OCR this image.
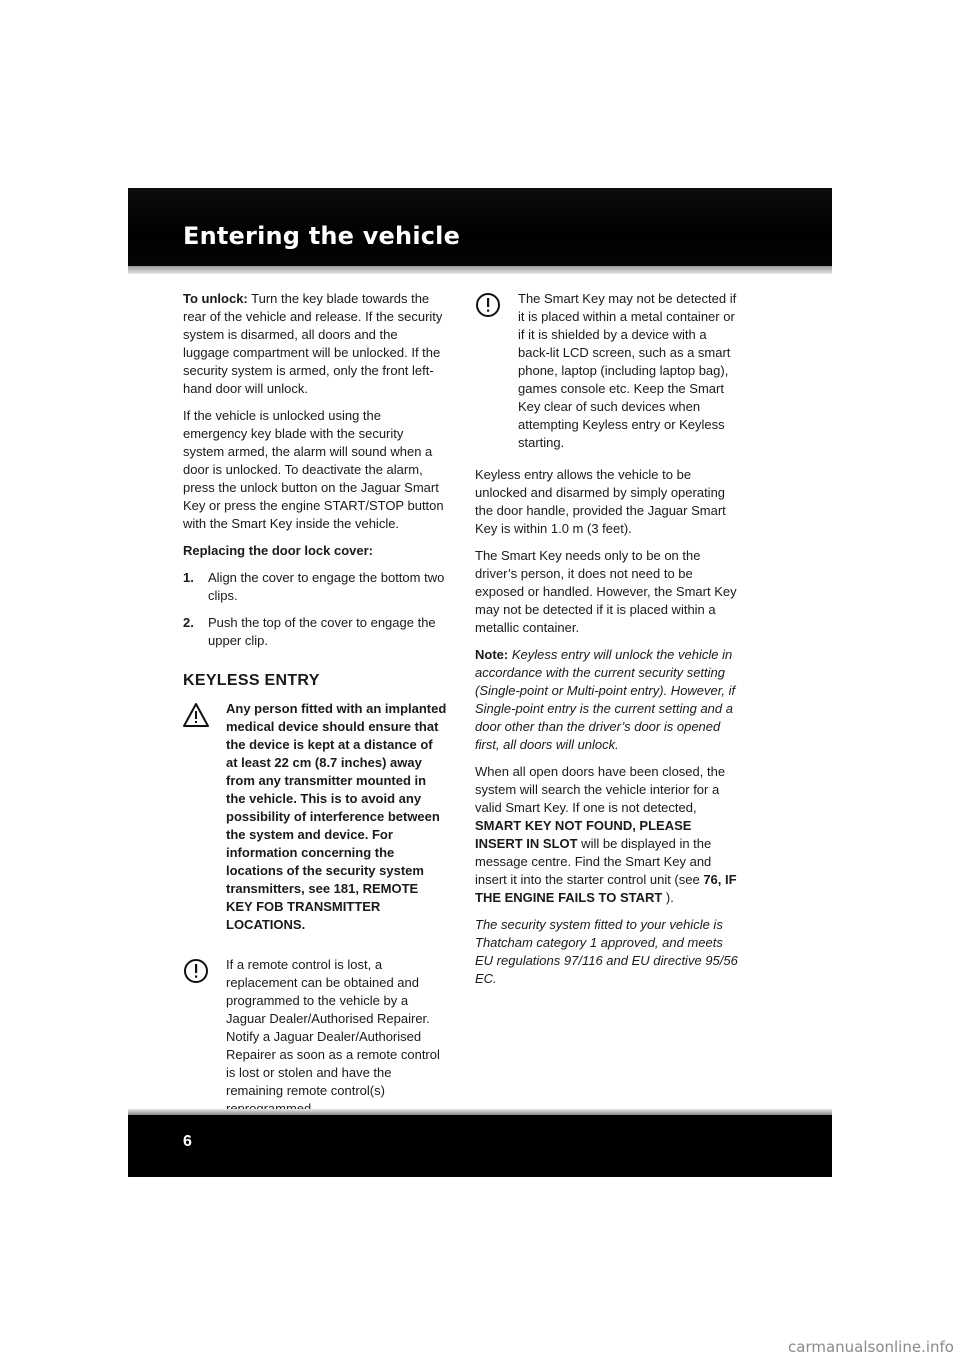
Entering the vehicle

To unlock: Turn the key blade towards the rear of the vehicle and release. If the security system is disarmed, all doors and the luggage compartment will be unlocked. If the security system is armed, only the front left-hand door will unlock.

If the vehicle is unlocked using the emergency key blade with the security system armed, the alarm will sound when a door is unlocked. To deactivate the alarm, press the unlock button on the Jaguar Smart Key or press the engine START/STOP button with the Smart Key inside the vehicle.

Replacing the door lock cover:

1. Align the cover to engage the bottom two clips.
2. Push the top of the cover to engage the upper clip.
KEYLESS ENTRY

Any person fitted with an implanted medical device should ensure that the device is kept at a distance of at least 22 cm (8.7 inches) away from any transmitter mounted in the vehicle. This is to avoid any possibility of interference between the system and device. For information concerning the locations of the security system transmitters, see 181, REMOTE KEY FOB TRANSMITTER LOCATIONS.

If a remote control is lost, a replacement can be obtained and programmed to the vehicle by a Jaguar Dealer/Authorised Repairer. Notify a Jaguar Dealer/Authorised Repairer as soon as a remote control is lost or stolen and have the remaining remote control(s)

The Smart Key may not be detected if it is placed within a metal container or if it is shielded by a device with a back-lit LCD screen, such as a smart phone, laptop (including laptop bag), games console etc. Keep the Smart Key clear of such devices when attempting Keyless entry or Keyless starting.

Keyless entry allows the vehicle to be unlocked and disarmed by simply operating the door handle, provided the Jaguar Smart Key is within 1.0 m (3 feet).

The Smart Key needs only to be on the driver’s person, it does not need to be exposed or handled. However, the Smart Key may not be detected if it is placed within a metallic container.

Note: Keyless entry will unlock the vehicle in accordance with the current security setting (Single-point or Multi-point entry). However, if Single-point entry is the current setting and a door other than the driver’s door is opened first, all doors will unlock.

When all open doors have been closed, the system will search the vehicle interior for a valid Smart Key. If one is not detected, SMART KEY NOT FOUND, PLEASE INSERT IN SLOT will be displayed in the message centre. Find the Smart Key and insert it into the starter control unit (see 76, IF THE ENGINE FAILS TO START ).

The security system fitted to your vehicle is Thatcham category 1 approved, and meets EU regulations 97/116 and EU directive 95/56 EC.

6
carmanualsonline.info
